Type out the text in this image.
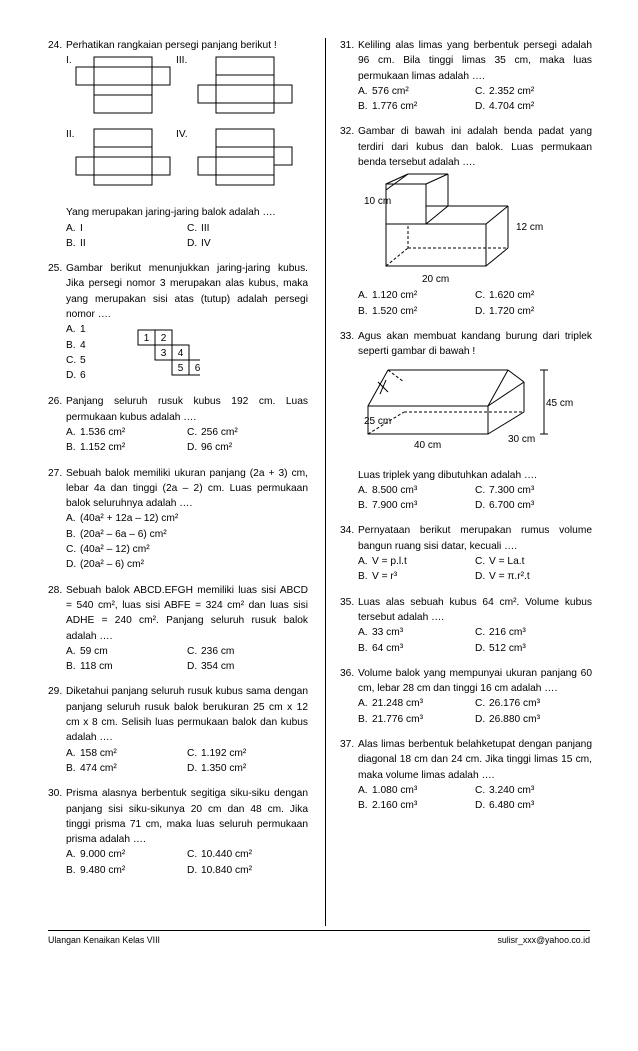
24. Perhatikan rangkaian persegi panjang berikut !
I.	III.
II.	IV.
Yang merupakan jaring-jaring balok adalah ….
A. I	C. III
B. II	D. IV
25. Gambar berikut menunjukkan jaring-jaring kubus. Jika persegi nomor 3 merupakan alas kubus, maka yang merupakan sisi atas (tutup) adalah persegi nomor ….
A. 1
B. 4
C. 5
D. 6
1 2
3 4
5 6
26. Panjang seluruh rusuk kubus 192 cm. Luas permukaan kubus adalah ….
A. 1.536 cm²	C. 256 cm²
B. 1.152 cm²	D. 96 cm²
27. Sebuah balok memiliki ukuran panjang (2a + 3) cm, lebar 4a dan tinggi (2a – 2) cm. Luas permukaan balok seluruhnya adalah ….
A. (40a² + 12a – 12) cm²
B. (20a² – 6a – 6) cm²
C. (40a² – 12) cm²
D. (20a² – 6) cm²
28. Sebuah balok ABCD.EFGH memiliki luas sisi ABCD = 540 cm², luas sisi ABFE = 324 cm² dan luas sisi ADHE = 240 cm². Panjang seluruh rusuk balok adalah ….
A. 59 cm	C. 236 cm
B. 118 cm	D. 354 cm
29. Diketahui panjang seluruh rusuk kubus sama dengan panjang seluruh rusuk balok berukuran 25 cm x 12 cm x 8 cm. Selisih luas permukaan balok dan kubus adalah ….
A. 158 cm²	C. 1.192 cm²
B. 474 cm²	D. 1.350 cm²
30. Prisma alasnya berbentuk segitiga siku-siku dengan panjang sisi siku-sikunya 20 cm dan 48 cm. Jika tinggi prisma 71 cm, maka luas seluruh permukaan prisma adalah ….
A. 9.000 cm²	C. 10.440 cm²
B. 9.480 cm²	D. 10.840 cm²
31. Keliling alas limas yang berbentuk persegi adalah 96 cm. Bila tinggi limas 35 cm, maka luas permukaan limas adalah ….
A. 576 cm²	C. 2.352 cm²
B. 1.776 cm²	D. 4.704 cm²
32. Gambar di bawah ini adalah benda padat yang terdiri dari kubus dan balok. Luas permukaan benda tersebut adalah ….
10 cm
12 cm
20 cm
A. 1.120 cm²	C. 1.620 cm²
B. 1.520 cm²	D. 1.720 cm²
33. Agus akan membuat kandang burung dari triplek seperti gambar di bawah !
45 cm
25 cm
40 cm
30 cm
Luas triplek yang dibutuhkan adalah ….
A. 8.500 cm³	C. 7.300 cm³
B. 7.900 cm³	D. 6.700 cm³
34. Pernyataan berikut merupakan rumus volume bangun ruang sisi datar, kecuali ….
A. V = p.l.t	C. V = La.t
B. V = r³	D. V = π.r².t
35. Luas alas sebuah kubus 64 cm². Volume kubus tersebut adalah ….
A. 33 cm³	C. 216 cm³
B. 64 cm³	D. 512 cm³
36. Volume balok yang mempunyai ukuran panjang 60 cm, lebar 28 cm dan tinggi 16 cm adalah ….
A. 21.248 cm³	C. 26.176 cm³
B. 21.776 cm³	D. 26.880 cm³
37. Alas limas berbentuk belahketupat dengan panjang diagonal 18 cm dan 24 cm. Jika tinggi limas 15 cm, maka volume limas adalah ….
A. 1.080 cm³	C. 3.240 cm³
B. 2.160 cm³	D. 6.480 cm³
Ulangan Kenaikan Kelas VIII	sulisr_xxx@yahoo.co.id
